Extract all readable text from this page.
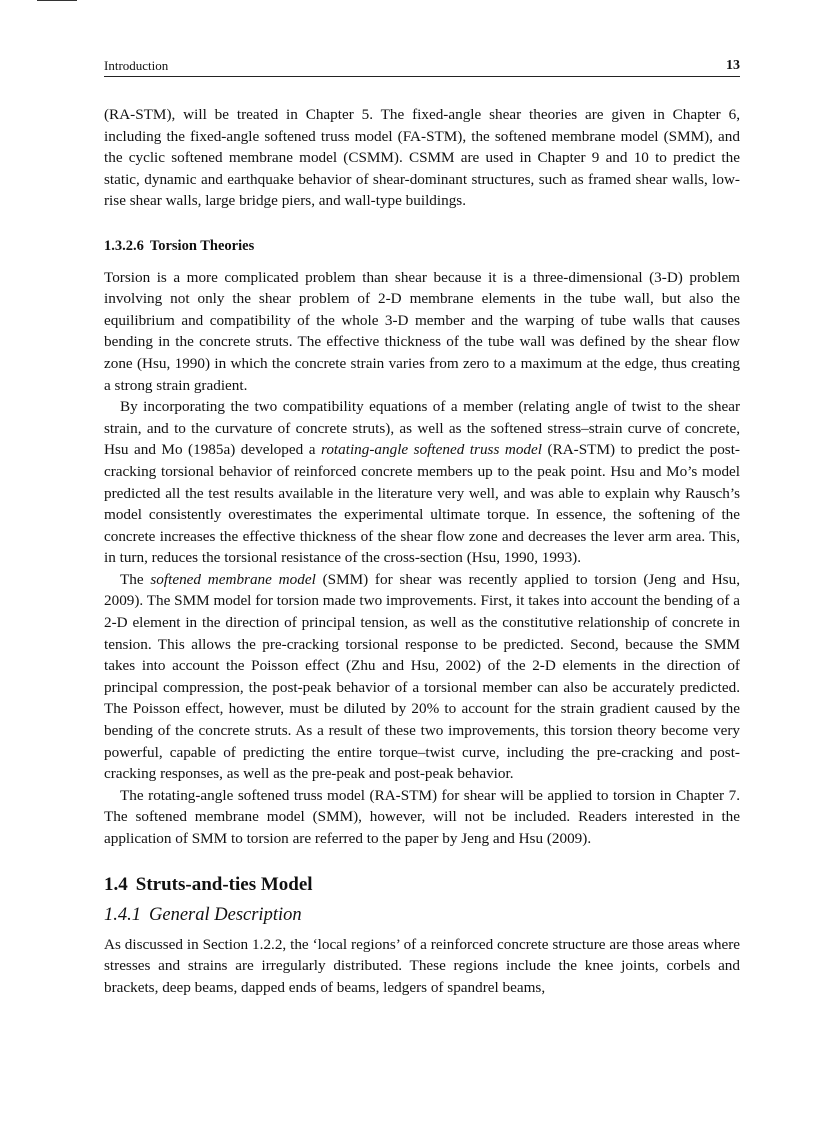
Introduction	13

(RA-STM), will be treated in Chapter 5. The fixed-angle shear theories are given in Chapter 6, including the fixed-angle softened truss model (FA-STM), the softened membrane model (SMM), and the cyclic softened membrane model (CSMM). CSMM are used in Chapter 9 and 10 to predict the static, dynamic and earthquake behavior of shear-dominant structures, such as framed shear walls, low-rise shear walls, large bridge piers, and wall-type buildings.

1.3.2.6 Torsion Theories

Torsion is a more complicated problem than shear because it is a three-dimensional (3-D) problem involving not only the shear problem of 2-D membrane elements in the tube wall, but also the equilibrium and compatibility of the whole 3-D member and the warping of tube walls that causes bending in the concrete struts. The effective thickness of the tube wall was defined by the shear flow zone (Hsu, 1990) in which the concrete strain varies from zero to a maximum at the edge, thus creating a strong strain gradient.

By incorporating the two compatibility equations of a member (relating angle of twist to the shear strain, and to the curvature of concrete struts), as well as the softened stress–strain curve of concrete, Hsu and Mo (1985a) developed a rotating-angle softened truss model (RA-STM) to predict the post-cracking torsional behavior of reinforced concrete members up to the peak point. Hsu and Mo’s model predicted all the test results available in the literature very well, and was able to explain why Rausch’s model consistently overestimates the experimental ultimate torque. In essence, the softening of the concrete increases the effective thickness of the shear flow zone and decreases the lever arm area. This, in turn, reduces the torsional resistance of the cross-section (Hsu, 1990, 1993).

The softened membrane model (SMM) for shear was recently applied to torsion (Jeng and Hsu, 2009). The SMM model for torsion made two improvements. First, it takes into account the bending of a 2-D element in the direction of principal tension, as well as the constitutive relationship of concrete in tension. This allows the pre-cracking torsional response to be predicted. Second, because the SMM takes into account the Poisson effect (Zhu and Hsu, 2002) of the 2-D elements in the direction of principal compression, the post-peak behavior of a torsional member can also be accurately predicted. The Poisson effect, however, must be diluted by 20% to account for the strain gradient caused by the bending of the concrete struts. As a result of these two improvements, this torsion theory become very powerful, capable of predicting the entire torque–twist curve, including the pre-cracking and post-cracking responses, as well as the pre-peak and post-peak behavior.

The rotating-angle softened truss model (RA-STM) for shear will be applied to torsion in Chapter 7. The softened membrane model (SMM), however, will not be included. Readers interested in the application of SMM to torsion are referred to the paper by Jeng and Hsu (2009).

1.4 Struts-and-ties Model
1.4.1 General Description

As discussed in Section 1.2.2, the ‘local regions’ of a reinforced concrete structure are those areas where stresses and strains are irregularly distributed. These regions include the knee joints, corbels and brackets, deep beams, dapped ends of beams, ledgers of spandrel beams,
